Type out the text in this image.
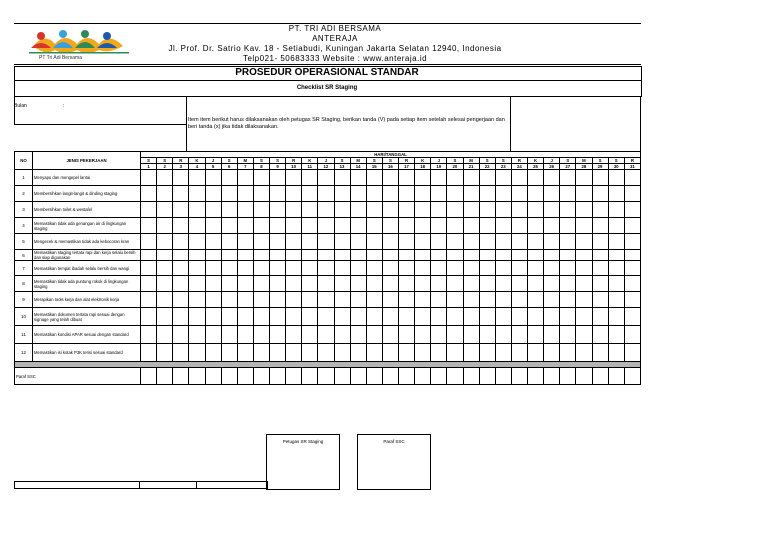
PT Tri Adi Bersama
PT. TRI ADI BERSAMA
ANTERAJA
Jl. Prof. Dr. Satrio Kav. 18 - Setiabudi, Kuningan Jakarta Selatan 12940, Indonesia
Telp021- 50683333 Website : www.anteraja.id
PROSEDUR OPERASIONAL STANDAR
Checklist SR Staging
Bulan	:
Item item berikut harus dilaksanakan oleh petugas SR Staging, berikan tanda (V) pada setiap item setelah selesai pengerjaan dan beri tanda (x) jika tidak dilaksanakan.
NO	JENIS PEKERJAAN	HARI/TANGGAL																														
		S	S	R	K	J	S	M	S	S	R	K	J	S	M	S	S	R	K	J	S	M	S	S	R	K	J	S	M	S	S	R
		1	2	3	4	5	6	7	8	9	10	11	12	13	14	15	16	17	18	19	20	21	22	23	24	25	26	27	28	29	30	31
1	Menyapu dan mengepel lantai																															
2	Membersihkan langit-langit & dinding staging																															
3	Membersihkan toilet & westafel																															
4	Memastikan tidak ada genangan air di lingkungan staging																															
5	Mengecek & memastikan tidak ada kebocoran kran																															
6	Memastikan staging tertata rapi dan kerja selalu bersih dan siap digunakan																															
7	Memastikan tempat ibadah selalu bersih dan wangi																															
8	Memastikan tidak ada puntung rokok di lingkungan staging																															
9	Merapikan tools kerja dan alat elektronik kerja																															
10	Memastikan dokumen tertata rapi sesuai dengan signage yang telah dibuat																															
11	Memastikan kondisi APAR sesuai dengan standard																															
12	Memastikan isi kotak P3K terisi sesuai standard																															

Paraf SSC																																
Petugas SR Staging	Paraf SSC
